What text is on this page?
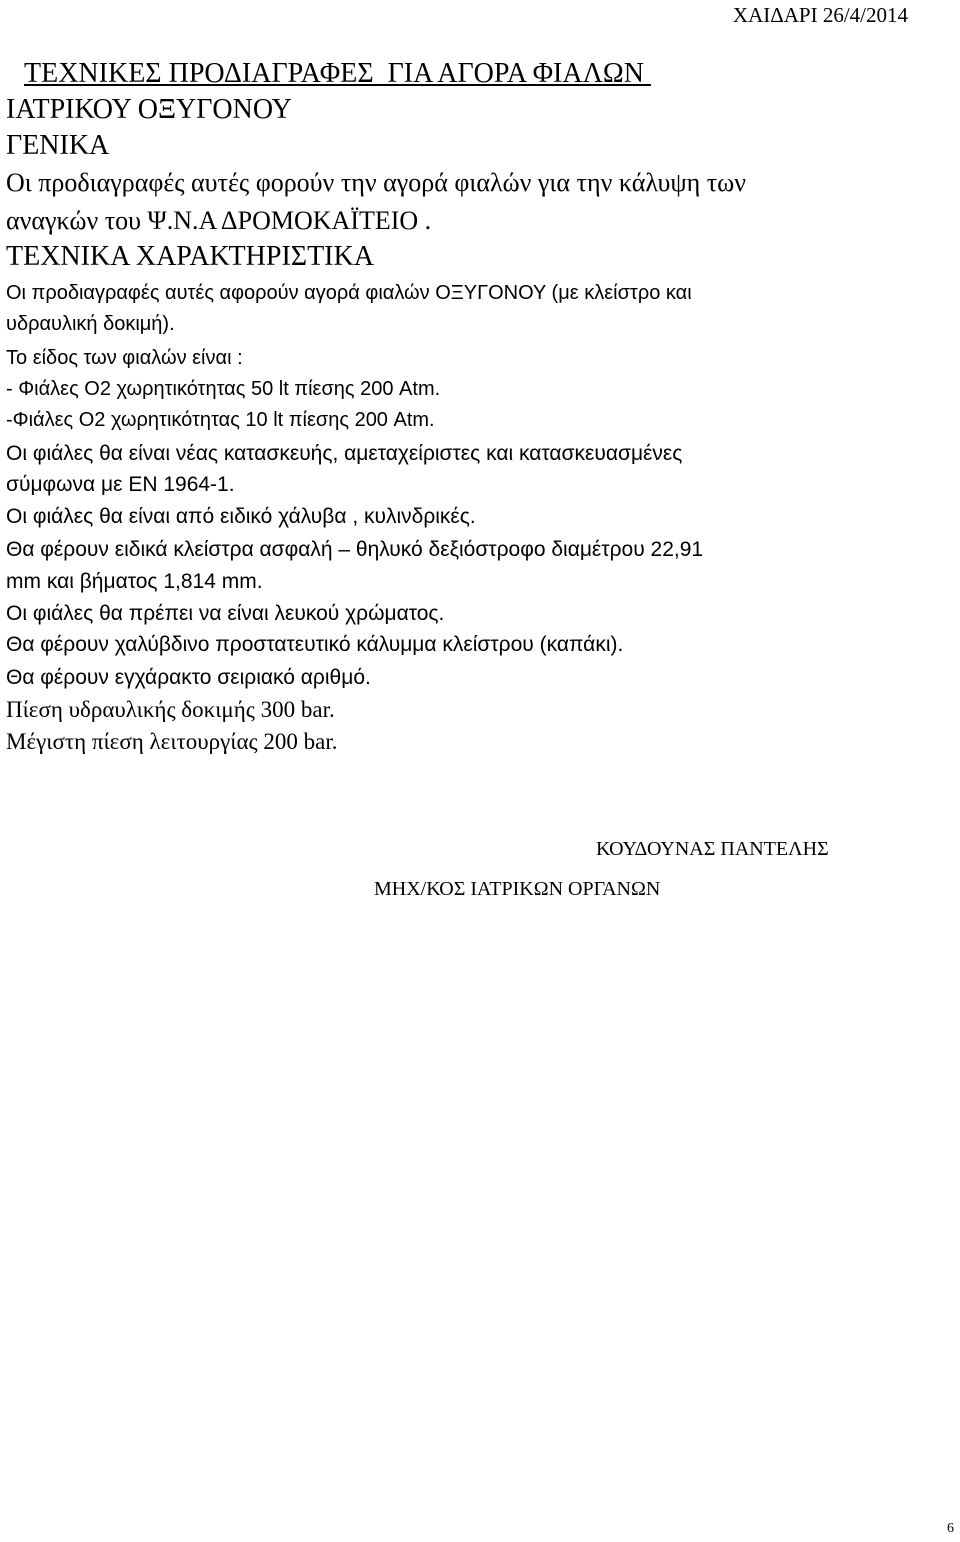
ΧΑΙΔΑΡΙ 26/4/2014
ΤΕΧΝΙΚΕΣ ΠΡΟΔΙΑΓΡΑΦΕΣ  ΓΙΑ ΑΓΟΡΑ ΦΙΑΛΩΝ
ΙΑΤΡΙΚΟΥ ΟΞΥΓΟΝΟΥ
ΓΕΝΙΚΑ
Οι προδιαγραφές αυτές φορούν την αγορά φιαλών για την κάλυψη των
αναγκών του Ψ.Ν.Α ΔΡΟΜΟΚΑΪΤΕΙΟ .
ΤΕΧΝΙΚΑ ΧΑΡΑΚΤΗΡΙΣΤΙΚΑ
Οι προδιαγραφές αυτές αφορούν αγορά φιαλών ΟΞΥΓΟΝΟΥ (με κλείστρο και
υδραυλική δοκιμή).
Το είδος των φιαλών είναι :
- Φιάλες Ο2 χωρητικότητας 50 lt πίεσης 200 Atm.
-Φιάλες Ο2 χωρητικότητας 10 lt πίεσης 200 Atm.
Οι φιάλες θα είναι νέας κατασκευής, αμεταχείριστες και κατασκευασμένες
σύμφωνα με ΕΝ 1964-1.
Οι φιάλες θα είναι από ειδικό χάλυβα , κυλινδρικές.
Θα φέρουν ειδικά κλείστρα ασφαλή – θηλυκό δεξιόστροφο διαμέτρου 22,91
mm και βήματος 1,814 mm.
Οι φιάλες θα πρέπει να είναι λευκού χρώματος.
Θα φέρουν χαλύβδινο προστατευτικό κάλυμμα κλείστρου (καπάκι).
Θα φέρουν εγχάρακτο σειριακό αριθμό.
Πίεση υδραυλικής δοκιμής 300 bar.
Μέγιστη πίεση λειτουργίας 200 bar.
ΚΟΥΔΟΥΝΑΣ ΠΑΝΤΕΛΗΣ
ΜΗΧ/ΚΟΣ ΙΑΤΡΙΚΩΝ ΟΡΓΑΝΩΝ
6
